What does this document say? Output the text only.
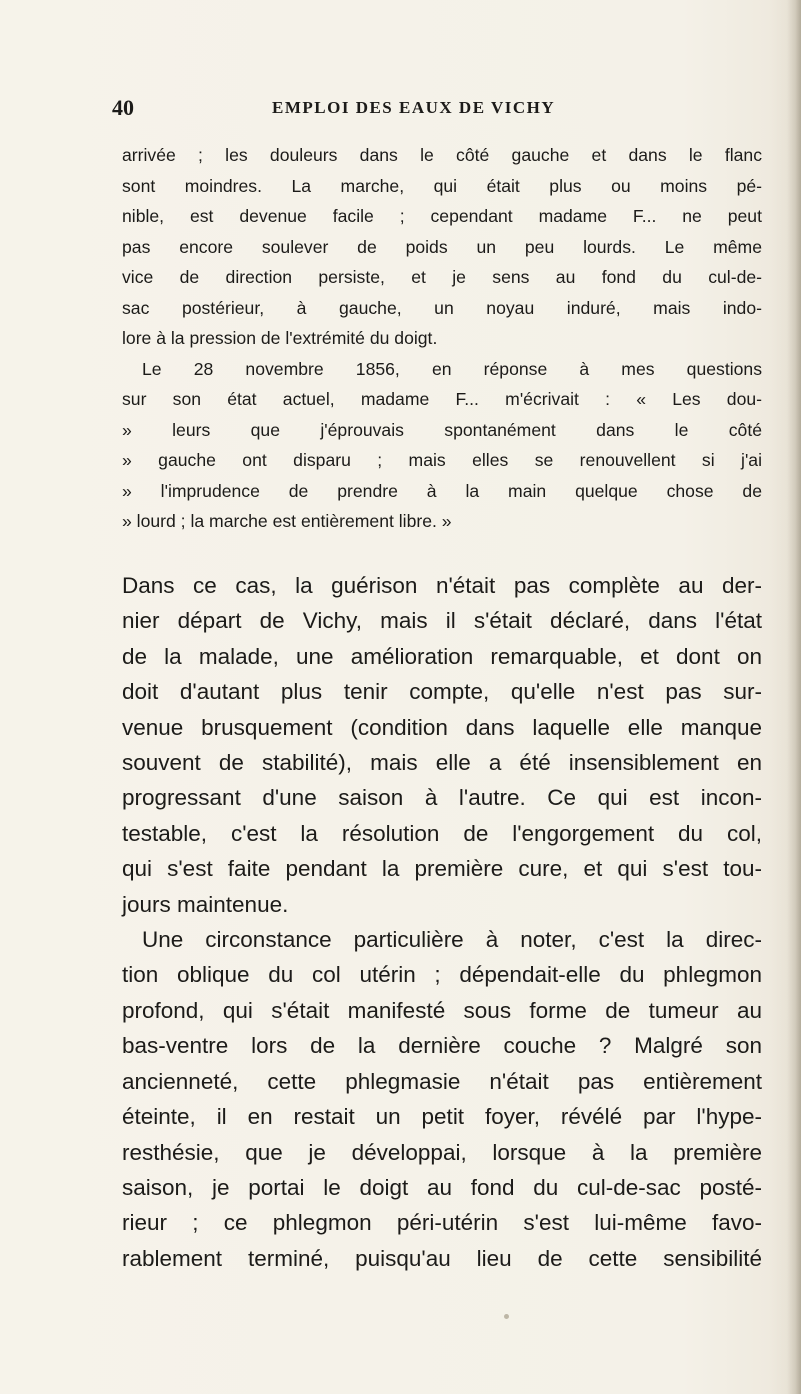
40	EMPLOI DES EAUX DE VICHY
arrivée ; les douleurs dans le côté gauche et dans le flanc
sont moindres. La marche, qui était plus ou moins pé-
nible, est devenue facile ; cependant madame F... ne peut
pas encore soulever de poids un peu lourds. Le même
vice de direction persiste, et je sens au fond du cul-de-
sac postérieur, à gauche, un noyau induré, mais indo-
lore à la pression de l'extrémité du doigt.
Le 28 novembre 1856, en réponse à mes questions
sur son état actuel, madame F... m'écrivait : « Les dou-
» leurs que j'éprouvais spontanément dans le côté
» gauche ont disparu ; mais elles se renouvellent si j'ai
» l'imprudence de prendre à la main quelque chose de
» lourd ; la marche est entièrement libre. »
Dans ce cas, la guérison n'était pas complète au der-
nier départ de Vichy, mais il s'était déclaré, dans l'état
de la malade, une amélioration remarquable, et dont on
doit d'autant plus tenir compte, qu'elle n'est pas sur-
venue brusquement (condition dans laquelle elle manque
souvent de stabilité), mais elle a été insensiblement en
progressant d'une saison à l'autre. Ce qui est incon-
testable, c'est la résolution de l'engorgement du col,
qui s'est faite pendant la première cure, et qui s'est tou-
jours maintenue.
Une circonstance particulière à noter, c'est la direc-
tion oblique du col utérin ; dépendait-elle du phlegmon
profond, qui s'était manifesté sous forme de tumeur au
bas-ventre lors de la dernière couche ? Malgré son
ancienneté, cette phlegmasie n'était pas entièrement
éteinte, il en restait un petit foyer, révélé par l'hype-
resthésie, que je développai, lorsque à la première
saison, je portai le doigt au fond du cul-de-sac posté-
rieur ; ce phlegmon péri-utérin s'est lui-même favo-
rablement terminé, puisqu'au lieu de cette sensibilité
